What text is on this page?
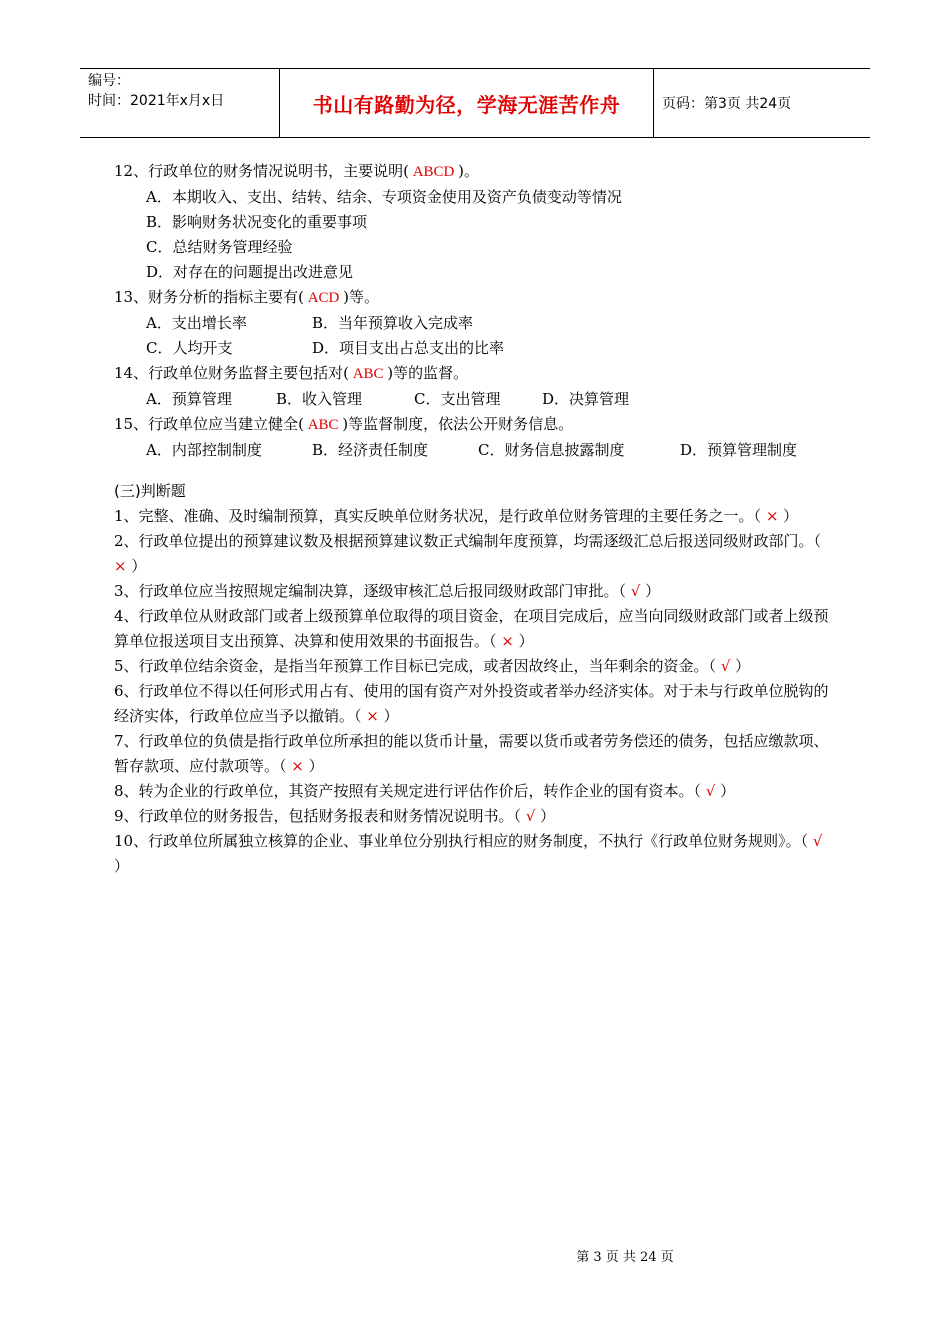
编号：
时间：2021年x月x日	书山有路勤为径，学海无涯苦作舟	页码：第3页 共24页
12、行政单位的财务情况说明书，主要说明( ABCD )。
A．本期收入、支出、结转、结余、专项资金使用及资产负债变动等情况
B．影响财务状况变化的重要事项
C．总结财务管理经验
D．对存在的问题提出改进意见
13、财务分析的指标主要有( ACD )等。
A．支出增长率	B．当年预算收入完成率
C．人均开支	D．项目支出占总支出的比率
14、行政单位财务监督主要包括对( ABC )等的监督。
A．预算管理	B．收入管理	C．支出管理	D．决算管理
15、行政单位应当建立健全( ABC )等监督制度，依法公开财务信息。
A．内部控制制度	B．经济责任制度	C．财务信息披露制度	D．预算管理制度
(三)判断题
1、完整、准确、及时编制预算，真实反映单位财务状况，是行政单位财务管理的主要任务之一。（ × ）
2、行政单位提出的预算建议数及根据预算建议数正式编制年度预算，均需逐级汇总后报送同级财政部门。（ × ）
3、行政单位应当按照规定编制决算，逐级审核汇总后报同级财政部门审批。（ √ ）
4、行政单位从财政部门或者上级预算单位取得的项目资金，在项目完成后，应当向同级财政部门或者上级预算单位报送项目支出预算、决算和使用效果的书面报告。（ × ）
5、行政单位结余资金，是指当年预算工作目标已完成，或者因故终止，当年剩余的资金。（ √ ）
6、行政单位不得以任何形式用占有、使用的国有资产对外投资或者举办经济实体。对于未与行政单位脱钩的经济实体，行政单位应当予以撤销。（ × ）
7、行政单位的负债是指行政单位所承担的能以货币计量，需要以货币或者劳务偿还的债务，包括应缴款项、暂存款项、应付款项等。（ × ）
8、转为企业的行政单位，其资产按照有关规定进行评估作价后，转作企业的国有资本。（ √ ）
9、行政单位的财务报告，包括财务报表和财务情况说明书。（ √ ）
10、行政单位所属独立核算的企业、事业单位分别执行相应的财务制度，不执行《行政单位财务规则》。（ √ ）
第 3 页 共 24 页
